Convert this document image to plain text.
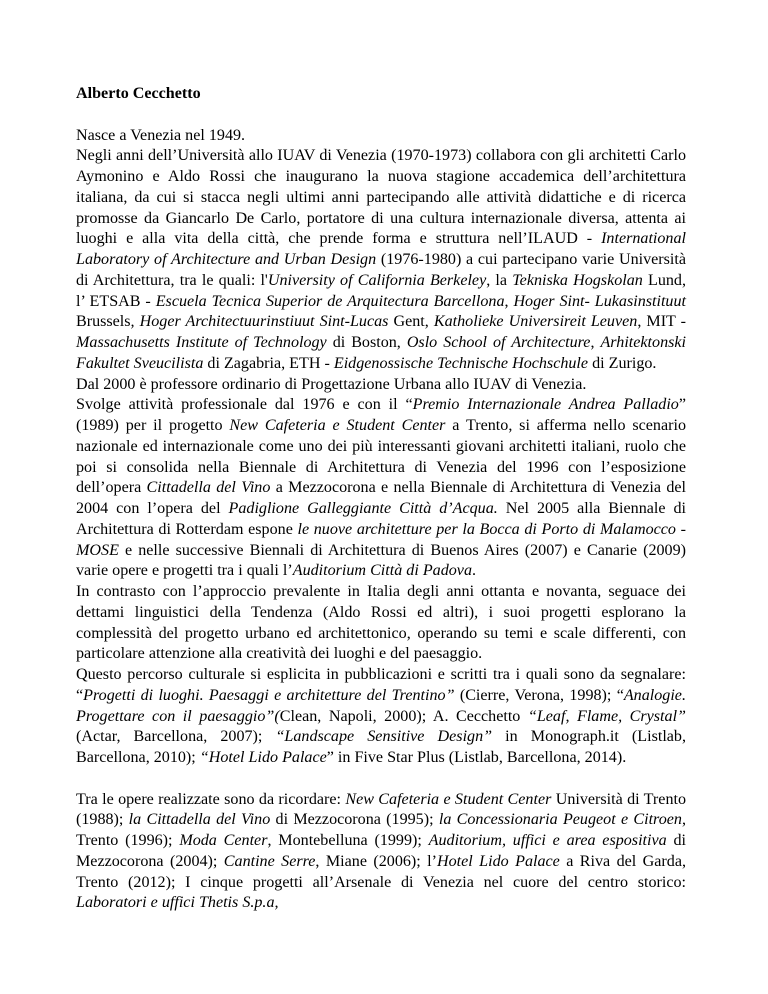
Alberto Cecchetto

Nasce a Venezia nel 1949.

Negli anni dell’Università allo IUAV di Venezia (1970-1973) collabora con gli architetti Carlo Aymonino e Aldo Rossi che inaugurano la nuova stagione accademica dell’architettura italiana, da cui si stacca negli ultimi anni partecipando alle attività didattiche e di ricerca promosse da Giancarlo De Carlo, portatore di una cultura internazionale diversa, attenta ai luoghi e alla vita della città, che prende forma e struttura nell’ILAUD - International Laboratory of Architecture and Urban Design (1976-1980) a cui partecipano varie Università di Architettura, tra le quali: l'University of California Berkeley, la Tekniska Hogskolan Lund, l’ ETSAB - Escuela Tecnica Superior de Arquitectura Barcellona, Hoger Sint- Lukasinstituut Brussels, Hoger Architectuurinstiuut Sint-Lucas Gent, Katholieke Universireit Leuven, MIT - Massachusetts Institute of Technology di Boston, Oslo School of Architecture, Arhitektonski Fakultet Sveucilista di Zagabria, ETH - Eidgenossische Technische Hochschule di Zurigo.

Dal 2000 è professore ordinario di Progettazione Urbana allo IUAV di Venezia.

Svolge attività professionale dal 1976 e con il “Premio Internazionale Andrea Palladio” (1989) per il progetto New Cafeteria e Student Center a Trento, si afferma nello scenario nazionale ed internazionale come uno dei più interessanti giovani architetti italiani, ruolo che poi si consolida nella Biennale di Architettura di Venezia del 1996 con l’esposizione dell’opera Cittadella del Vino a Mezzocorona e nella Biennale di Architettura di Venezia del 2004 con l’opera del Padiglione Galleggiante Città d’Acqua. Nel 2005 alla Biennale di Architettura di Rotterdam espone le nuove architetture per la Bocca di Porto di Malamocco - MOSE e nelle successive Biennali di Architettura di Buenos Aires (2007) e Canarie (2009) varie opere e progetti tra i quali l’Auditorium Città di Padova.

In contrasto con l’approccio prevalente in Italia degli anni ottanta e novanta, seguace dei dettami linguistici della Tendenza (Aldo Rossi ed altri), i suoi progetti esplorano la complessità del progetto urbano ed architettonico, operando su temi e scale differenti, con particolare attenzione alla creatività dei luoghi e del paesaggio.

Questo percorso culturale si esplicita in pubblicazioni e scritti tra i quali sono da segnalare: “Progetti di luoghi. Paesaggi e architetture del Trentino” (Cierre, Verona, 1998); “Analogie. Progettare con il paesaggio”(Clean, Napoli, 2000); A. Cecchetto “Leaf, Flame, Crystal” (Actar, Barcellona, 2007); “Landscape Sensitive Design” in Monograph.it (Listlab, Barcellona, 2010); “Hotel Lido Palace” in Five Star Plus (Listlab, Barcellona, 2014).

Tra le opere realizzate sono da ricordare: New Cafeteria e Student Center Università di Trento (1988); la Cittadella del Vino di Mezzocorona (1995); la Concessionaria Peugeot e Citroen, Trento (1996); Moda Center, Montebelluna (1999); Auditorium, uffici e area espositiva di Mezzocorona (2004); Cantine Serre, Miane (2006); l’Hotel Lido Palace a Riva del Garda, Trento (2012); I cinque progetti all’Arsenale di Venezia nel cuore del centro storico: Laboratori e uffici Thetis S.p.a,
